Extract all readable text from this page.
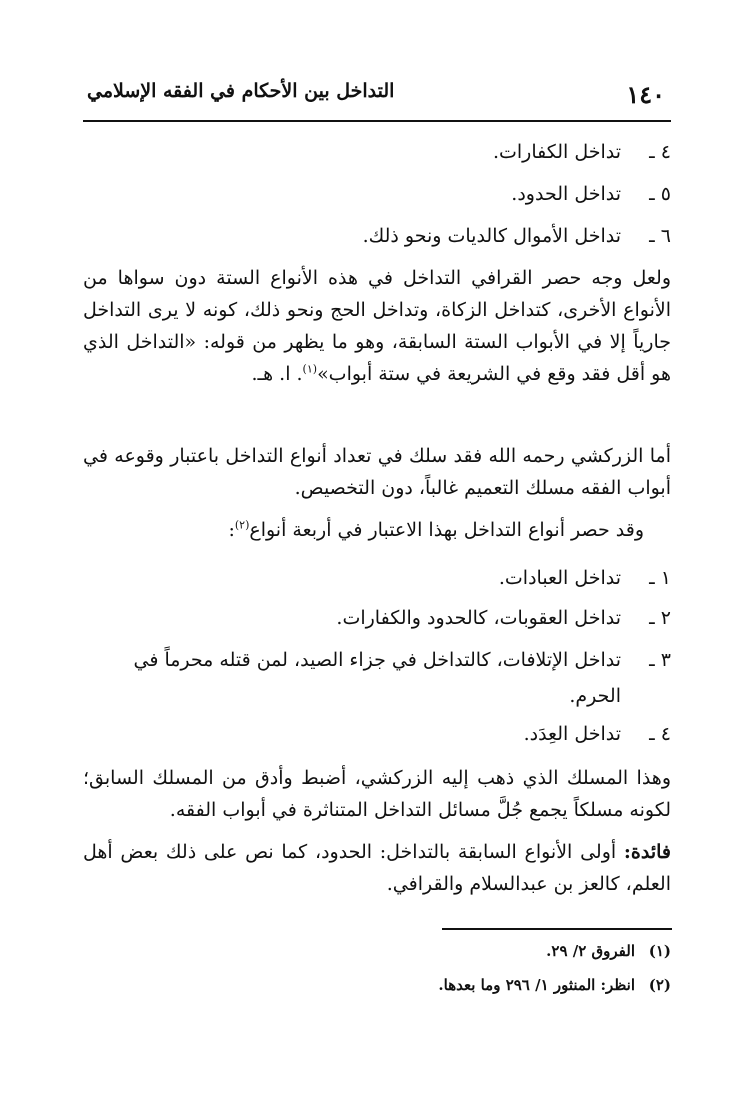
١٤٠
التداخل بين الأحكام في الفقه الإسلامي
٤ ـ
تداخل الكفارات.
٥ ـ
تداخل الحدود.
٦ ـ
تداخل الأموال كالديات ونحو ذلك.
ولعل وجه حصر القرافي التداخل في هذه الأنواع الستة دون سواها من الأنواع الأخرى، كتداخل الزكاة، وتداخل الحج ونحو ذلك، كونه لا يرى التداخل جارياً إلا في الأبواب الستة السابقة، وهو ما يظهر من قوله: «التداخل الذي هو أقل فقد وقع في الشريعة في ستة أبواب»$^{(١)}$. ا. هـ.
أما الزركشي رحمه الله فقد سلك في تعداد أنواع التداخل باعتبار وقوعه في أبواب الفقه مسلك التعميم غالباً، دون التخصيص.
وقد حصر أنواع التداخل بهذا الاعتبار في أربعة أنواع$^{(٢)}$:
١ ـ
تداخل العبادات.
٢ ـ
تداخل العقوبات، كالحدود والكفارات.
٣ ـ
تداخل الإتلافات، كالتداخل في جزاء الصيد، لمن قتله محرماً في الحرم.
٤ ـ
تداخل العِدَد.
وهذا المسلك الذي ذهب إليه الزركشي، أضبط وأدق من المسلك السابق؛ لكونه مسلكاً يجمع جُلَّ مسائل التداخل المتناثرة في أبواب الفقه.
فائدة: أولى الأنواع السابقة بالتداخل: الحدود، كما نص على ذلك بعض أهل العلم، كالعز بن عبدالسلام والقرافي.
(١)الفروق ٢/ ٢٩.
(٢)انظر: المنثور ١/ ٢٩٦ وما بعدها.
